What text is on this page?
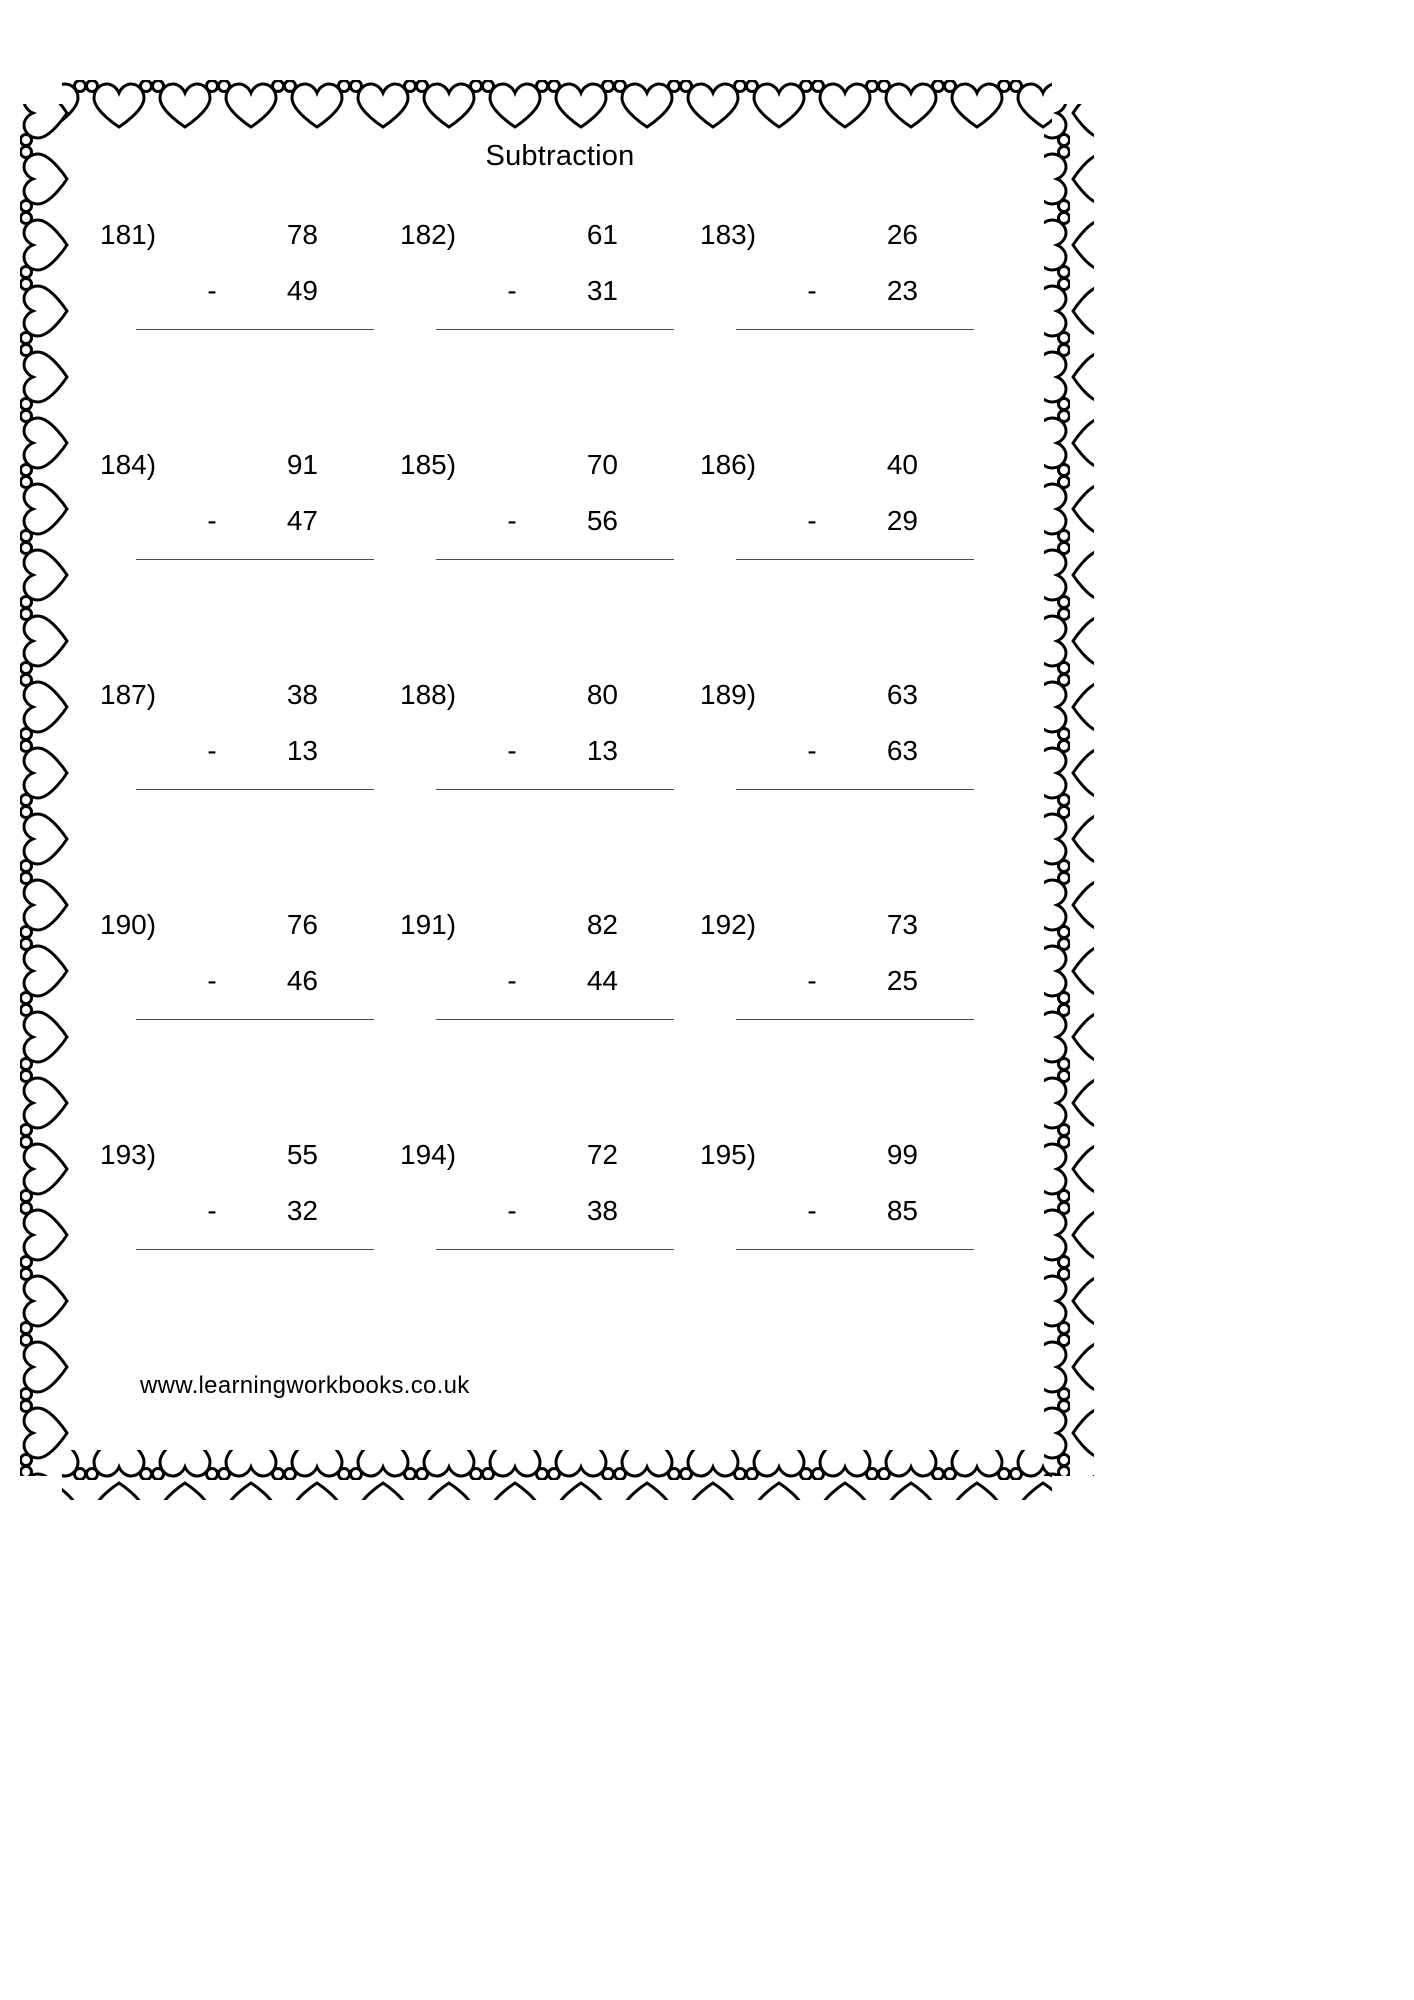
Subtraction
181)	78
-	49
182)	61
-	31
183)	26
-	23
184)	91
-	47
185)	70
-	56
186)	40
-	29
187)	38
-	13
188)	80
-	13
189)	63
-	63
190)	76
-	46
191)	82
-	44
192)	73
-	25
193)	55
-	32
194)	72
-	38
195)	99
-	85
www.learningworkbooks.co.uk
